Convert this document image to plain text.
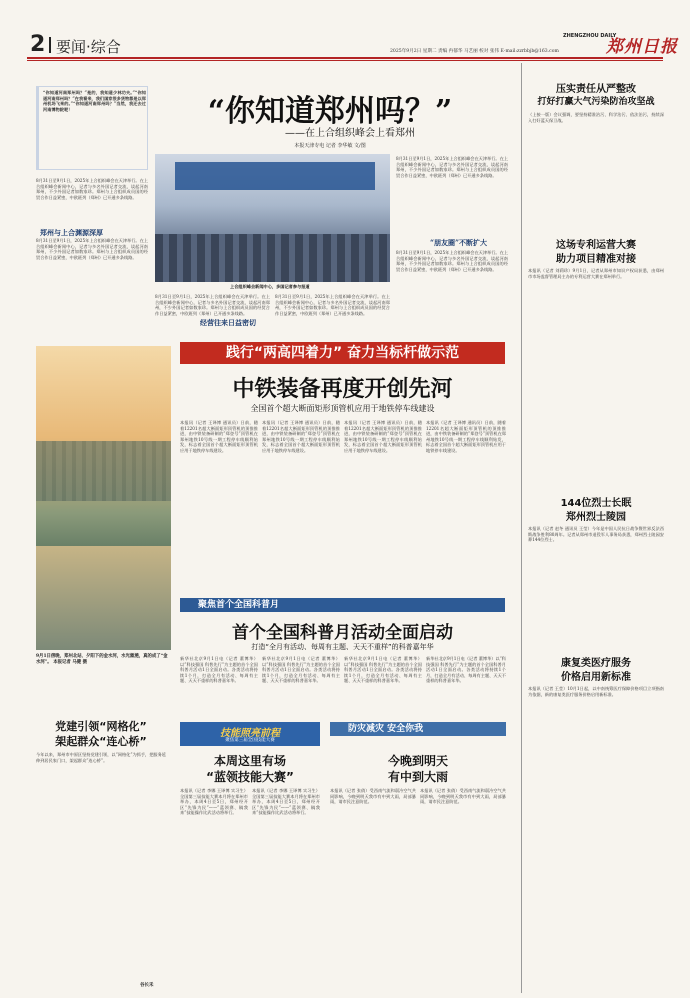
2 要闻·综合
ZHENGZHOU DAILY
郑州日报
2025年9月2日 星期二 责编 冉郁华 马艺丽 校对 张伟 E-mail:zzrbbjb@163.com
“你知道河南郑州吗？”是的，我知道少林功夫。”“你知道河南郑州吗？”在我看来，我们国家很多货物都是以郑州机场飞来的。”“你知道河南郑州吗？”当然，我还去过河南博物院呢！	“你知道郑州吗？”
——在上合组织峰会上看郑州
本报天津专电 记者 李华敏 文/图
8月31日至9月1日，2025年上合组织峰会在天津举行。在上合组织峰会新闻中心，记者与多名外国记者交流，谈起河南郑州，不少外国记者如数家珍。郑州与上合组织成员国的经贸合作日益紧密，中欧班列（郑州）已开通多条线路。
郑州与上合渊源深厚
8月31日至9月1日，2025年上合组织峰会在天津举行。在上合组织峰会新闻中心，记者与多名外国记者交流，谈起河南郑州，不少外国记者如数家珍。郑州与上合组织成员国的经贸合作日益紧密，中欧班列（郑州）已开通多条线路。
上合组织峰会新闻中心，多国记者参与报道
8月31日至9月1日，2025年上合组织峰会在天津举行。在上合组织峰会新闻中心，记者与多名外国记者交流，谈起河南郑州，不少外国记者如数家珍。郑州与上合组织成员国的经贸合作日益紧密，中欧班列（郑州）已开通多条线路。
经营往来日益密切
8月31日至9月1日，2025年上合组织峰会在天津举行。在上合组织峰会新闻中心，记者与多名外国记者交流，谈起河南郑州，不少外国记者如数家珍。郑州与上合组织成员国的经贸合作日益紧密，中欧班列（郑州）已开通多条线路。
8月31日至9月1日，2025年上合组织峰会在天津举行。在上合组织峰会新闻中心，记者与多名外国记者交流，谈起河南郑州，不少外国记者如数家珍。郑州与上合组织成员国的经贸合作日益紧密，中欧班列（郑州）已开通多条线路。
“朋友圈”不断扩大
8月31日至9月1日，2025年上合组织峰会在天津举行。在上合组织峰会新闻中心，记者与多名外国记者交流，谈起河南郑州，不少外国记者如数家珍。郑州与上合组织成员国的经贸合作日益紧密，中欧班列（郑州）已开通多条线路。
9月1日傍晚，郑州北站、夕阳下的金水河，水光潋滟，真的成了“金水河”。 本报记者 马健 摄
践行“两高四着力” 奋力当标杆做示范
中铁装备再度开创先河
全国首个超大断面矩形顶管机应用于地铁停车线建设
本报讯（记者 王译博 通讯员）日前，随着12201名超大断面矩形顶管机的顶推推进，由中铁装备研制的“郑登号”顶管机在郑州地铁10号线一期工程停车线顺利始发，标志着全国首个超大断面矩形顶管机应用于地铁停车线建设。
本报讯（记者 王译博 通讯员）日前，随着12201名超大断面矩形顶管机的顶推推进，由中铁装备研制的“郑登号”顶管机在郑州地铁10号线一期工程停车线顺利始发，标志着全国首个超大断面矩形顶管机应用于地铁停车线建设。
本报讯（记者 王译博 通讯员）日前，随着12201名超大断面矩形顶管机的顶推推进，由中铁装备研制的“郑登号”顶管机在郑州地铁10号线一期工程停车线顺利始发，标志着全国首个超大断面矩形顶管机应用于地铁停车线建设。
本报讯（记者 王译博 通讯员）日前，随着12201名超大断面矩形顶管机的顶推推进，由中铁装备研制的“郑登号”顶管机在郑州地铁10号线一期工程停车线顺利始发，标志着全国首个超大断面矩形顶管机应用于地铁停车线建设。
聚焦首个全国科普月
首个全国科普月活动全面启动
打造“全月有活动、每周有主题、天天不重样”的科普嘉年华
新华社北京9月1日电（记者 董博华）以“科技强国 科普先行”为主题的首个全国科普月活动1日全面启动。各类活动将持续1个月，打造全月有活动、每周有主题、天天不重样的科普嘉年华。
新华社北京9月1日电（记者 董博华）以“科技强国 科普先行”为主题的首个全国科普月活动1日全面启动。各类活动将持续1个月，打造全月有活动、每周有主题、天天不重样的科普嘉年华。
新华社北京9月1日电（记者 董博华）以“科技强国 科普先行”为主题的首个全国科普月活动1日全面启动。各类活动将持续1个月，打造全月有活动、每周有主题、天天不重样的科普嘉年华。
新华社北京9月1日电（记者 董博华）以“科技强国 科普先行”为主题的首个全国科普月活动1日全面启动。各类活动将持续1个月，打造全月有活动、每周有主题、天天不重样的科普嘉年华。
党建引领“网格化”
架起群众“连心桥”
今年以来，郑州市中原区坚持党建引领，以“网格化”为抓手，把服务延伸到居民家门口，架起群众“连心桥”。
谷长禾
技能照亮前程
聚焦第三届全国技能大赛
本周这里有场
“蓝领技能大赛”
本报讯（记者 李娜 王译博 实习生）全国第三届技能大赛本月将在郑州市举办，本周4日至5日，郑州经开区“先锋为民”——“蓝领赛、稿我来”技能操作比武活动将举行。
本报讯（记者 李娜 王译博 实习生）全国第三届技能大赛本月将在郑州市举办，本周4日至5日，郑州经开区“先锋为民”——“蓝领赛、稿我来”技能操作比武活动将举行。
防灾减灾 安全你我
今晚到明天
有中到大雨
本报讯（记者 张倩）受西南气流和弱冷空气共同影响，今晚到明天我市有中到大雨，局部暴雨，请市民注意防范。
本报讯（记者 张倩）受西南气流和弱冷空气共同影响，今晚到明天我市有中到大雨，局部暴雨，请市民注意防范。
压实责任从严整改
打好打赢大气污染防治攻坚战
（上接一版）会议强调，要坚持精准治污、科学治污、依法治污，持续深入打好蓝天保卫战。
这场专利运营大赛
助力项目精准对接
本报讯（记者 刘莉珍）9月1日，记者从郑州市知识产权局获悉，由郑州市市场监督管理局主办的专利运营大赛在郑州举行。
144位烈士长眠
郑州烈士陵园
本报讯（记者 赵冬 通讯员 王莹）今年是中国人民抗日战争暨世界反法西斯战争胜利80周年。记者从郑州市退役军人事务局获悉，郑州烈士陵园安葬144位烈士。
康复类医疗服务
价格启用新标准
本报讯（记者 王莹）10月1日起，以中南统筹医疗保障价格项目立项指南为依据，新的康复类医疗服务价格启用新标准。
